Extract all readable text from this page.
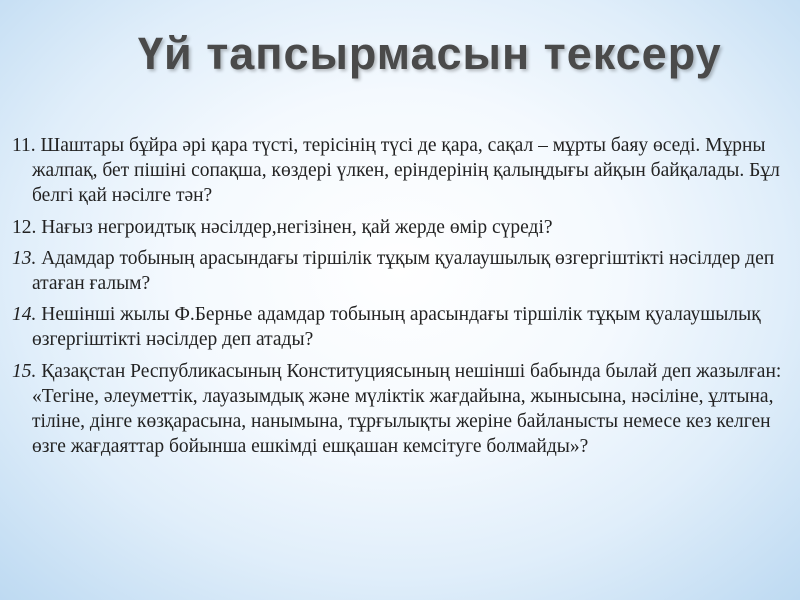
Үй тапсырмасын тексеру

11. Шаштары бұйра әрі қара түсті, терісінің түсі де қара, сақал – мұрты баяу өседі. Мұрны жалпақ, бет пішіні сопақша, көздері үлкен, еріндерінің қалыңдығы айқын байқалады. Бұл белгі қай нәсілге тән?

12. Нағыз негроидтық нәсілдер,негізінен, қай жерде өмір сүреді?

13. Адамдар тобының арасындағы тіршілік тұқым қуалаушылық өзгергіштікті нәсілдер деп атаған ғалым?

14. Нешінші жылы Ф.Бернье адамдар тобының арасындағы тіршілік тұқым қуалаушылық өзгергіштікті нәсілдер деп атады?

15. Қазақстан Республикасының Конституциясының нешінші бабында былай деп жазылған: «Тегіне, әлеуметтік, лауазымдық және мүліктік жағдайына, жынысына, нәсіліне, ұлтына, тіліне, дінге көзқарасына, нанымына, тұрғылықты жеріне байланысты немесе кез келген өзге жағдаяттар бойынша ешкімді ешқашан кемсітуге болмайды»?
